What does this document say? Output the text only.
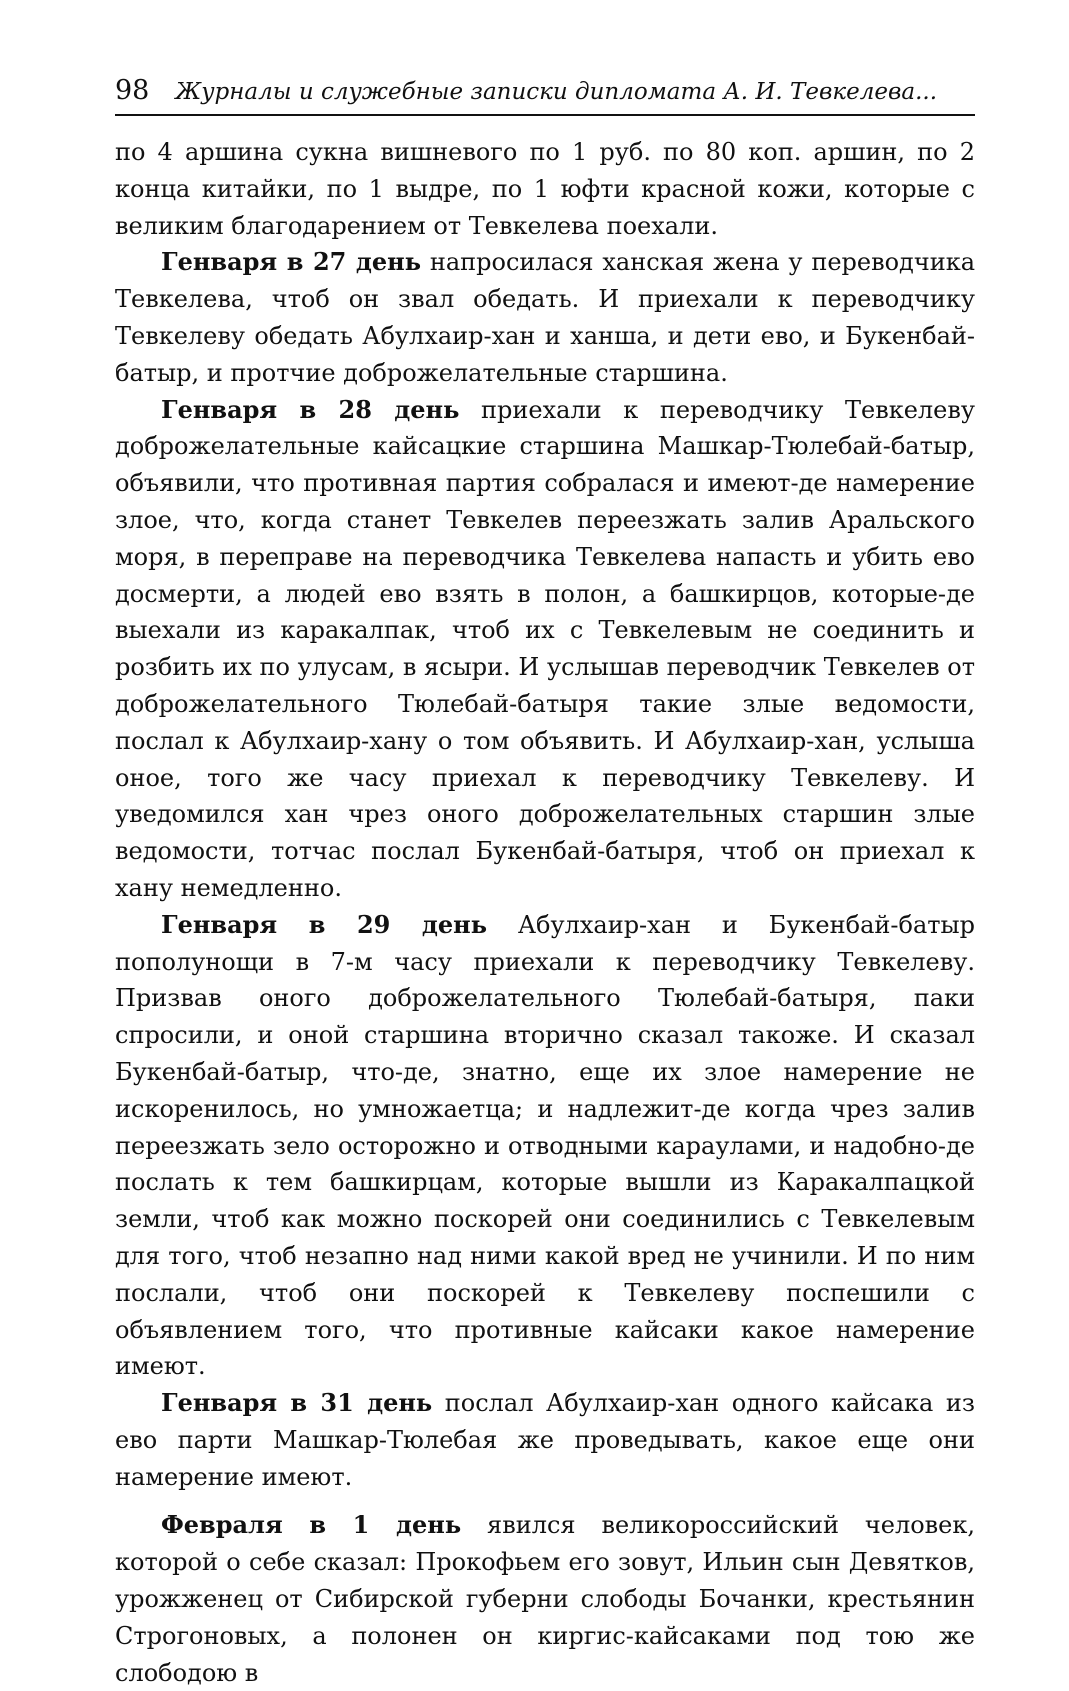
98 Журналы и служебные записки дипломата А. И. Тевкелева...

по 4 аршина сукна вишневого по 1 руб. по 80 коп. аршин, по 2 конца китайки, по 1 выдре, по 1 юфти красной кожи, которые с великим благодарением от Тевкелева поехали.

Генваря в 27 день напросилася ханская жена у переводчика Тевкелева, чтоб он звал обедать. И приехали к переводчику Тевкелеву обедать Абулхаир-хан и ханша, и дети ево, и Букенбай-батыр, и протчие доброжелательные старшина.

Генваря в 28 день приехали к переводчику Тевкелеву доброжелательные кайсацкие старшина Машкар-Тюлебай-батыр, объявили, что противная партия собралася и имеют-де намерение злое, что, когда станет Тевкелев переезжать залив Аральского моря, в переправе на переводчика Тевкелева напасть и убить ево досмерти, а людей ево взять в полон, а башкирцов, которые-де выехали из каракалпак, чтоб их с Тевкелевым не соединить и розбить их по улусам, в ясыри. И услышав переводчик Тевкелев от доброжелательного Тюлебай-батыря такие злые ведомости, послал к Абулхаир-хану о том объявить. И Абулхаир-хан, услыша оное, того же часу приехал к переводчику Тевкелеву. И уведомился хан чрез оного доброжелательных старшин злые ведомости, тотчас послал Букенбай-батыря, чтоб он приехал к хану немедленно.

Генваря в 29 день Абулхаир-хан и Букенбай-батыр пополунощи в 7-м часу приехали к переводчику Тевкелеву. Призвав оного доброжелательного Тюлебай-батыря, паки спросили, и оной старшина вторично сказал такоже. И сказал Букенбай-батыр, что-де, знатно, еще их злое намерение не искоренилось, но умножаетца; и надлежит-де когда чрез залив переезжать зело осторожно и отводными караулами, и надобно-де послать к тем башкирцам, которые вышли из Каракалпацкой земли, чтоб как можно поскорей они соединились с Тевкелевым для того, чтоб незапно над ними какой вред не учинили. И по ним послали, чтоб они поскорей к Тевкелеву поспешили с объявлением того, что противные кайсаки какое намерение имеют.

Генваря в 31 день послал Абулхаир-хан одного кайсака из ево парти Машкар-Тюлебая же проведывать, какое еще они намерение имеют.

Февраля в 1 день явился великороссийский человек, которой о себе сказал: Прокофьем его зовут, Ильин сын Девятков, урожженец от Сибирской губерни слободы Бочанки, крестьянин Строгоновых, а полонен он киргис-кайсаками под тою же слободою в
